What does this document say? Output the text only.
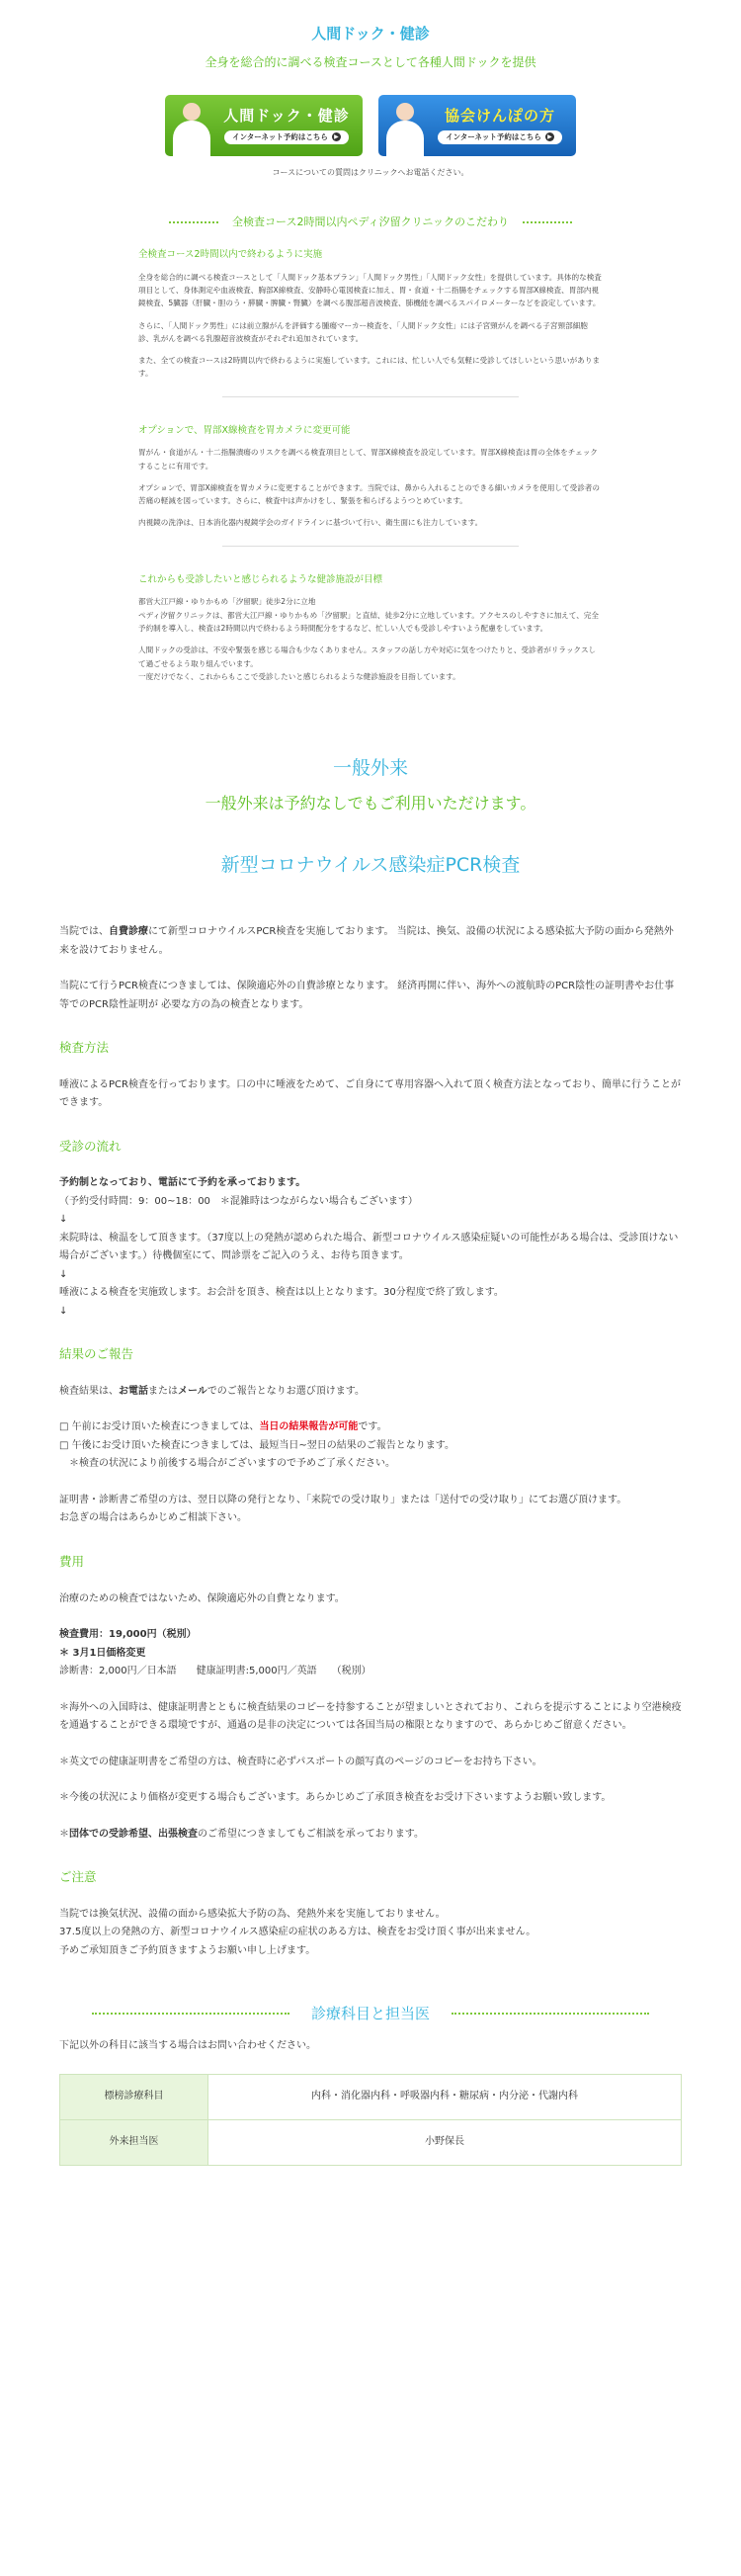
人間ドック・健診
全身を総合的に調べる検査コースとして各種人間ドックを提供
人間ドック・健診
インターネット予約はこちら	▶
協会けんぽの方
インターネット予約はこちら	▶
コースについての質問はクリニックへお電話ください。
全検査コース2時間以内ペディ汐留クリニックのこだわり
全検査コース2時間以内で終わるように実施

全身を総合的に調べる検査コースとして「人間ドック基本プラン」「人間ドック男性」「人間ドック女性」を提供しています。具体的な検査項目として、身体測定や血液検査、胸部X線検査、安静時心電図検査に加え、胃・食道・十二指腸をチェックする胃部X線検査、胃部内視鏡検査、5臓器（肝臓・胆のう・膵臓・脾臓・腎臓）を調べる腹部超音波検査、肺機能を調べるスパイロメーターなどを設定しています。

さらに、「人間ドック男性」には前立腺がんを評価する腫瘍マーカー検査を、「人間ドック女性」には子宮頸がんを調べる子宮頸部細胞診、乳がんを調べる乳腺超音波検査がそれぞれ追加されています。

また、全ての検査コースは2時間以内で終わるように実施しています。これには、忙しい人でも気軽に受診してほしいという思いがあります。

オプションで、胃部X線検査を胃カメラに変更可能

胃がん・食道がん・十二指腸潰瘍のリスクを調べる検査項目として、胃部X線検査を設定しています。胃部X線検査は胃の全体をチェックすることに有用です。

オプションで、胃部X線検査を胃カメラに変更することができます。当院では、鼻から入れることのできる細いカメラを使用して受診者の苦痛の軽減を図っています。さらに、検査中は声かけをし、緊張を和らげるようつとめています。

内視鏡の洗浄は、日本消化器内視鏡学会のガイドラインに基づいて行い、衛生面にも注力しています。

これからも受診したいと感じられるような健診施設が目標

都営大江戸線・ゆりかもめ「汐留駅」徒歩2分に立地
ペディ汐留クリニックは、都営大江戸線・ゆりかもめ「汐留駅」と直結、徒歩2分に立地しています。アクセスのしやすさに加えて、完全予約制を導入し、検査は2時間以内で終わるよう時間配分をするなど、忙しい人でも受診しやすいよう配慮をしています。

人間ドックの受診は、不安や緊張を感じる場合も少なくありません。スタッフの話し方や対応に気をつけたりと、受診者がリラックスして過ごせるよう取り組んでいます。
一度だけでなく、これからもここで受診したいと感じられるような健診施設を目指しています。

一般外来
一般外来は予約なしでもご利用いただけます。
新型コロナウイルス感染症PCR検査

当院では、自費診療にて新型コロナウイルスPCR検査を実施しております。 当院は、換気、設備の状況による感染拡大予防の面から発熱外来を設けておりません。

当院にて行うPCR検査につきましては、保険適応外の自費診療となります。 経済再開に伴い、海外への渡航時のPCR陰性の証明書やお仕事等でのPCR陰性証明が 必要な方の為の検査となります。

検査方法

唾液によるPCR検査を行っております。口の中に唾液をためて、ご自身にて専用容器へ入れて頂く検査方法となっており、簡単に行うことができます。

受診の流れ
予約制となっており、電話にて予約を承っております。
（予約受付時間：9：00~18：00　＊混雑時はつながらない場合もございます）
↓
来院時は、検温をして頂きます。（37度以上の発熱が認められた場合、新型コロナウイルス感染症疑いの可能性がある場合は、受診頂けない場合がございます。）待機個室にて、問診票をご記入のうえ、お待ち頂きます。
↓
唾液による検査を実施致します。お会計を頂き、検査は以上となります。30分程度で終了致します。
↓
結果のご報告

検査結果は、お電話またはメールでのご報告となりお選び頂けます。

□ 午前にお受け頂いた検査につきましては、当日の結果報告が可能です。
□ 午後にお受け頂いた検査につきましては、最短当日~翌日の結果のご報告となります。
　＊検査の状況により前後する場合がございますので予めご了承ください。
証明書・診断書ご希望の方は、翌日以降の発行となり、「来院での受け取り」または「送付での受け取り」にてお選び頂けます。
お急ぎの場合はあらかじめご相談下さい。
費用

治療のための検査ではないため、保険適応外の自費となります。

検査費用：19,000円（税別）
＊ 3月1日価格変更
診断書：2,000円／日本語　　健康証明書:5,000円／英語　　（税別）

＊海外への入国時は、健康証明書とともに検査結果のコピーを持参することが望ましいとされており、これらを提示することにより空港検疫を通過することができる環境ですが、通過の是非の決定については各国当局の権限となりますので、あらかじめご留意ください。

＊英文での健康証明書をご希望の方は、検査時に必ずパスポートの顔写真のページのコピーをお持ち下さい。

＊今後の状況により価格が変更する場合もございます。あらかじめご了承頂き検査をお受け下さいますようお願い致します。

＊団体での受診希望、出張検査のご希望につきましてもご相談を承っております。

ご注意

当院では換気状況、設備の面から感染拡大予防の為、発熱外来を実施しておりません。
37.5度以上の発熱の方、新型コロナウイルス感染症の症状のある方は、検査をお受け頂く事が出来ません。
予めご承知頂きご予約頂きますようお願い申し上げます。

診療科目と担当医

下記以外の科目に該当する場合はお問い合わせください。

標榜診療科目	内科・消化器内科・呼吸器内科・糖尿病・内分泌・代謝内科
外来担当医	小野保長
